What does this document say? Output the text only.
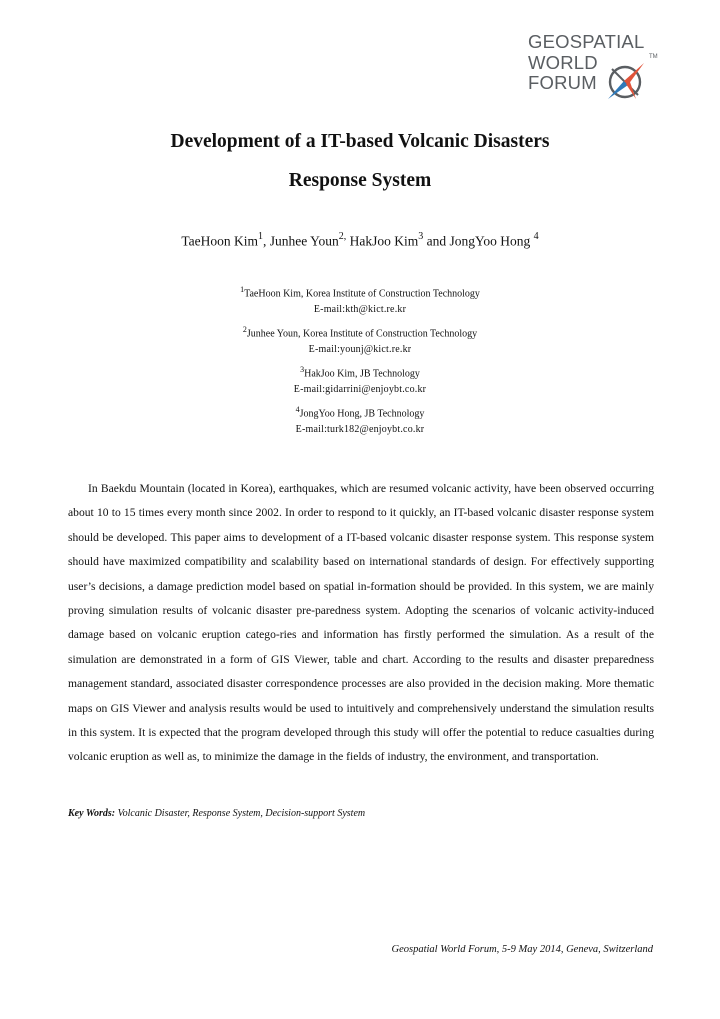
GEOSPATIAL
WORLD
FORUM
TM
Development of a IT-based Volcanic Disasters
Response System
TaeHoon Kim$^1$, Junhee Youn$^{2,}$ HakJoo Kim$^3$ and JongYoo Hong $^4$
$^1$TaeHoon Kim, Korea Institute of Construction Technology
E-mail:kth@kict.re.kr
$^2$Junhee Youn, Korea Institute of Construction Technology
E-mail:younj@kict.re.kr
$^3$HakJoo Kim, JB Technology
E-mail:gidarrini@enjoybt.co.kr
$^4$JongYoo Hong, JB Technology
E-mail:turk182@enjoybt.co.kr

In Baekdu Mountain (located in Korea), earthquakes, which are resumed volcanic activity, have been observed occurring about 10 to 15 times every month since 2002. In order to respond to it quickly, an IT-based volcanic disaster response system should be developed. This paper aims to development of a IT-based volcanic disaster response system. This response system should have maximized compatibility and scalability based on international standards of design. For effectively supporting user’s decisions, a damage prediction model based on spatial in-formation should be provided. In this system, we are mainly proving simulation results of volcanic disaster pre-paredness system. Adopting the scenarios of volcanic activity-induced damage based on volcanic eruption catego-ries and information has firstly performed the simulation. As a result of the simulation are demonstrated in a form of GIS Viewer, table and chart. According to the results and disaster preparedness management standard, associated disaster correspondence processes are also provided in the decision making. More thematic maps on GIS Viewer and analysis results would be used to intuitively and comprehensively understand the simulation results in this system. It is expected that the program developed through this study will offer the potential to reduce casualties during volcanic eruption as well as, to minimize the damage in the fields of industry, the environment, and transportation.

Key Words: Volcanic Disaster, Response System, Decision-support System
Geospatial World Forum, 5-9 May 2014, Geneva, Switzerland
